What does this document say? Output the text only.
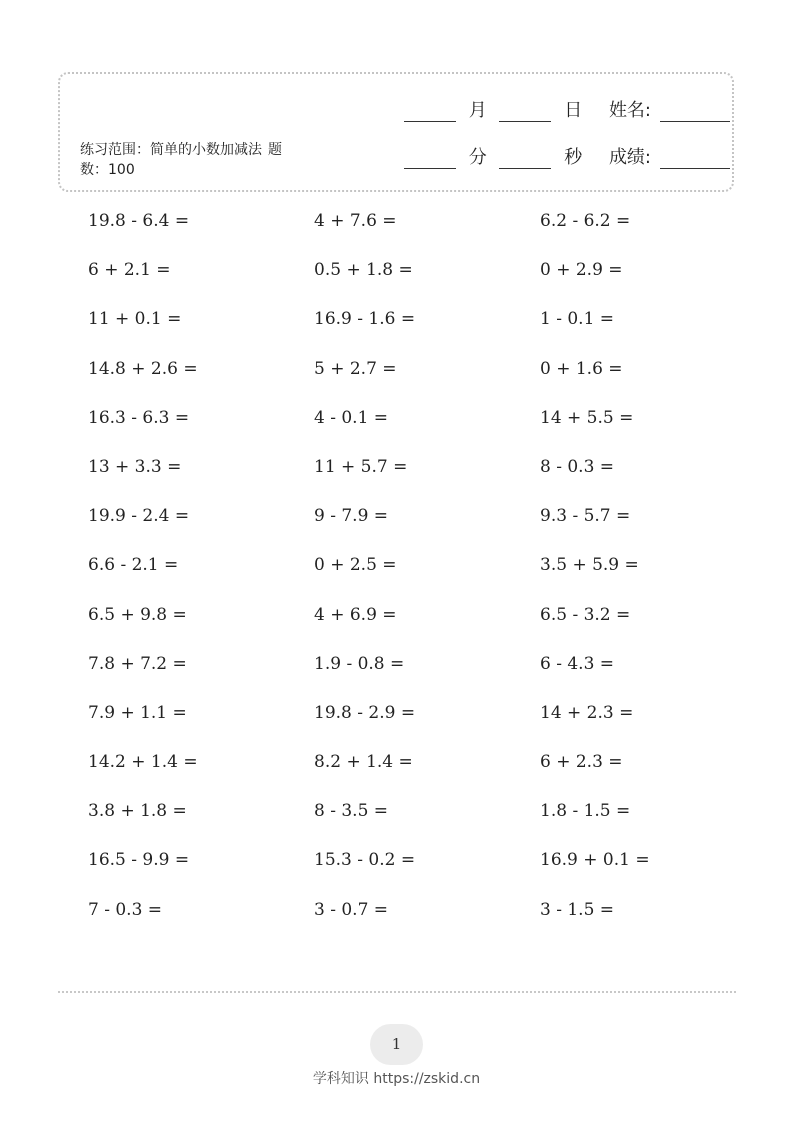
练习范围：简单的小数加减法 题数：100
月	日 姓名:
分	秒 成绩:
19.8 - 6.4 =	4 + 7.6 =	6.2 - 6.2 =
6 + 2.1 =	0.5 + 1.8 =	0 + 2.9 =
11 + 0.1 =	16.9 - 1.6 =	1 - 0.1 =
14.8 + 2.6 =	5 + 2.7 =	0 + 1.6 =
16.3 - 6.3 =	4 - 0.1 =	14 + 5.5 =
13 + 3.3 =	11 + 5.7 =	8 - 0.3 =
19.9 - 2.4 =	9 - 7.9 =	9.3 - 5.7 =
6.6 - 2.1 =	0 + 2.5 =	3.5 + 5.9 =
6.5 + 9.8 =	4 + 6.9 =	6.5 - 3.2 =
7.8 + 7.2 =	1.9 - 0.8 =	6 - 4.3 =
7.9 + 1.1 =	19.8 - 2.9 =	14 + 2.3 =
14.2 + 1.4 =	8.2 + 1.4 =	6 + 2.3 =
3.8 + 1.8 =	8 - 3.5 =	1.8 - 1.5 =
16.5 - 9.9 =	15.3 - 0.2 =	16.9 + 0.1 =
7 - 0.3 =	3 - 0.7 =	3 - 1.5 =
1
学科知识 https://zskid.cn
